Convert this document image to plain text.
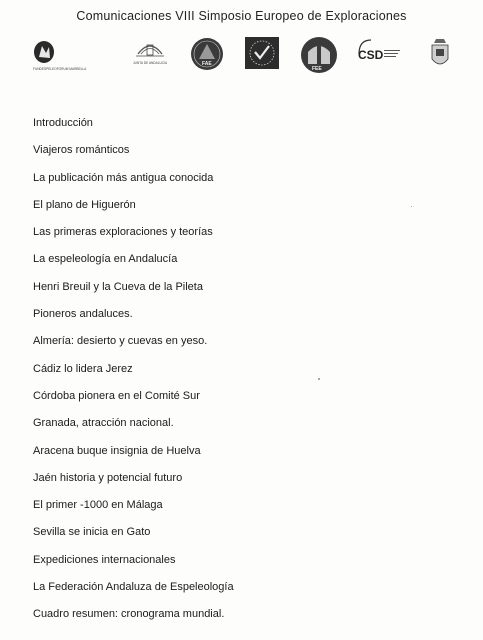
Comunicaciones VIII Simposio Europeo de Exploraciones
FUNDESPELEOFORUM MARBELLA
JUNTA DE ANDALUCIA	FAE
FEE
CSD
Introducción
Viajeros románticos
La publicación más antigua conocida
El plano de Higuerón
Las primeras exploraciones y teorías
La espeleología en Andalucía
Henri Breuil y la Cueva de la Pileta
Pioneros andaluces.
Almería: desierto y cuevas en yeso.
Cádiz lo lidera Jerez
Córdoba pionera en el Comité Sur
Granada, atracción nacional.
Aracena buque insignia de Huelva
Jaén historia y potencial futuro
El primer -1000 en Málaga
Sevilla se inicia en Gato
Expediciones internacionales
La Federación Andaluza de Espeleología
Cuadro resumen: cronograma mundial.
